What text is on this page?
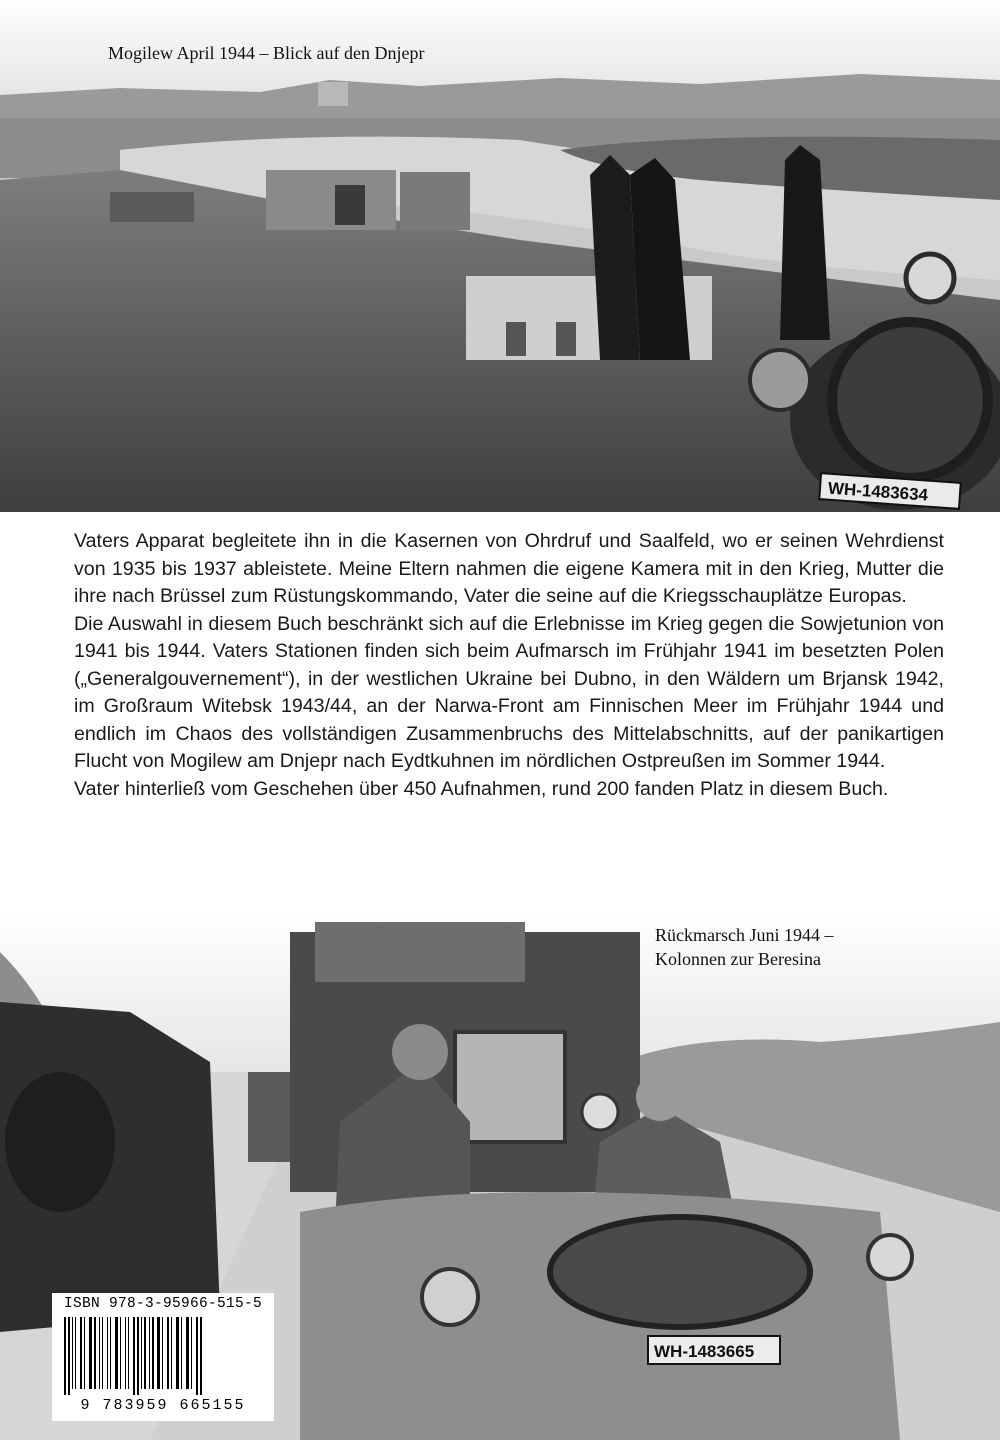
WH-1483634
Mogilew April 1944 – Blick auf den Dnjepr

Vaters Apparat begleitete ihn in die Kasernen von Ohrdruf und Saalfeld, wo er seinen Wehrdienst von 1935 bis 1937 ableistete. Meine Eltern nahmen die eigene Kamera mit in den Krieg, Mutter die ihre nach Brüssel zum Rüstungskommando, Vater die seine auf die Kriegsschauplätze Europas.

Die Auswahl in diesem Buch beschränkt sich auf die Erlebnisse im Krieg gegen die Sowjetunion von 1941 bis 1944. Vaters Stationen finden sich beim Aufmarsch im Frühjahr 1941 im besetzten Polen („Generalgouvernement“), in der westlichen Ukraine bei Dubno, in den Wäldern um Brjansk 1942, im Großraum Witebsk 1943/44, an der Narwa-Front am Finnischen Meer im Frühjahr 1944 und endlich im Chaos des vollständigen Zusammenbruchs des Mittelabschnitts, auf der panikartigen Flucht von Mogilew am Dnjepr nach Eydtkuhnen im nördlichen Ostpreußen im Sommer 1944.

Vater hinterließ vom Geschehen über 450 Aufnahmen, rund 200 fanden Platz in diesem Buch.

WH-1483665
Rückmarsch Juni 1944 –
Kolonnen zur Beresina
ISBN 978-3-95966-515-5
9 783959 665155
